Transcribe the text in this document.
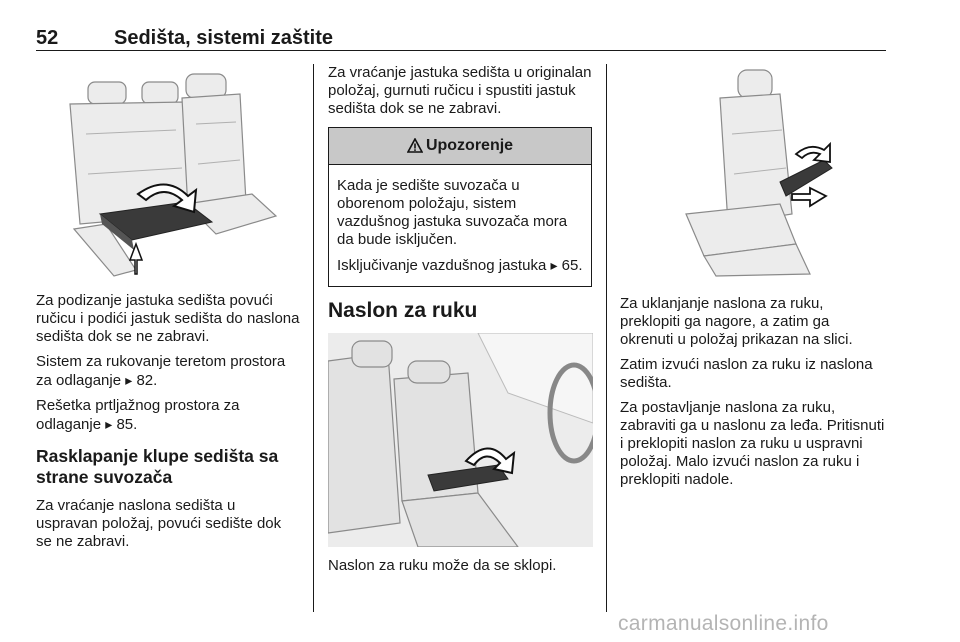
52	Sedišta, sistemi zaštite

Za podizanje jastuka sedišta povući ručicu i podići jastuk sedišta do naslona sedišta dok se ne zabravi.

Sistem za rukovanje teretom prostora za odlaganje ▸ 82.

Rešetka prtljažnog prostora za odlaganje ▸ 85.

Rasklapanje klupe sedišta sa strane suvozača

Za vraćanje naslona sedišta u uspravan položaj, povući sedište dok se ne zabravi.

Za vraćanje jastuka sedišta u originalan položaj, gurnuti ručicu i spustiti jastuk sedišta dok se ne zabravi.

Upozorenje

Kada je sedište suvozača u oborenom položaju, sistem vazdušnog jastuka suvozača mora da bude isključen.

Isključivanje vazdušnog jastuka ▸ 65.

Naslon za ruku

Naslon za ruku može da se sklopi.

Za uklanjanje naslona za ruku, preklopiti ga nagore, a zatim ga okrenuti u položaj prikazan na slici.

Zatim izvući naslon za ruku iz naslona sedišta.

Za postavljanje naslona za ruku, zabraviti ga u naslonu za leđa. Pritisnuti i preklopiti naslon za ruku u uspravni položaj. Malo izvući naslon za ruku i preklopiti nadole.

carmanualsonline.info
